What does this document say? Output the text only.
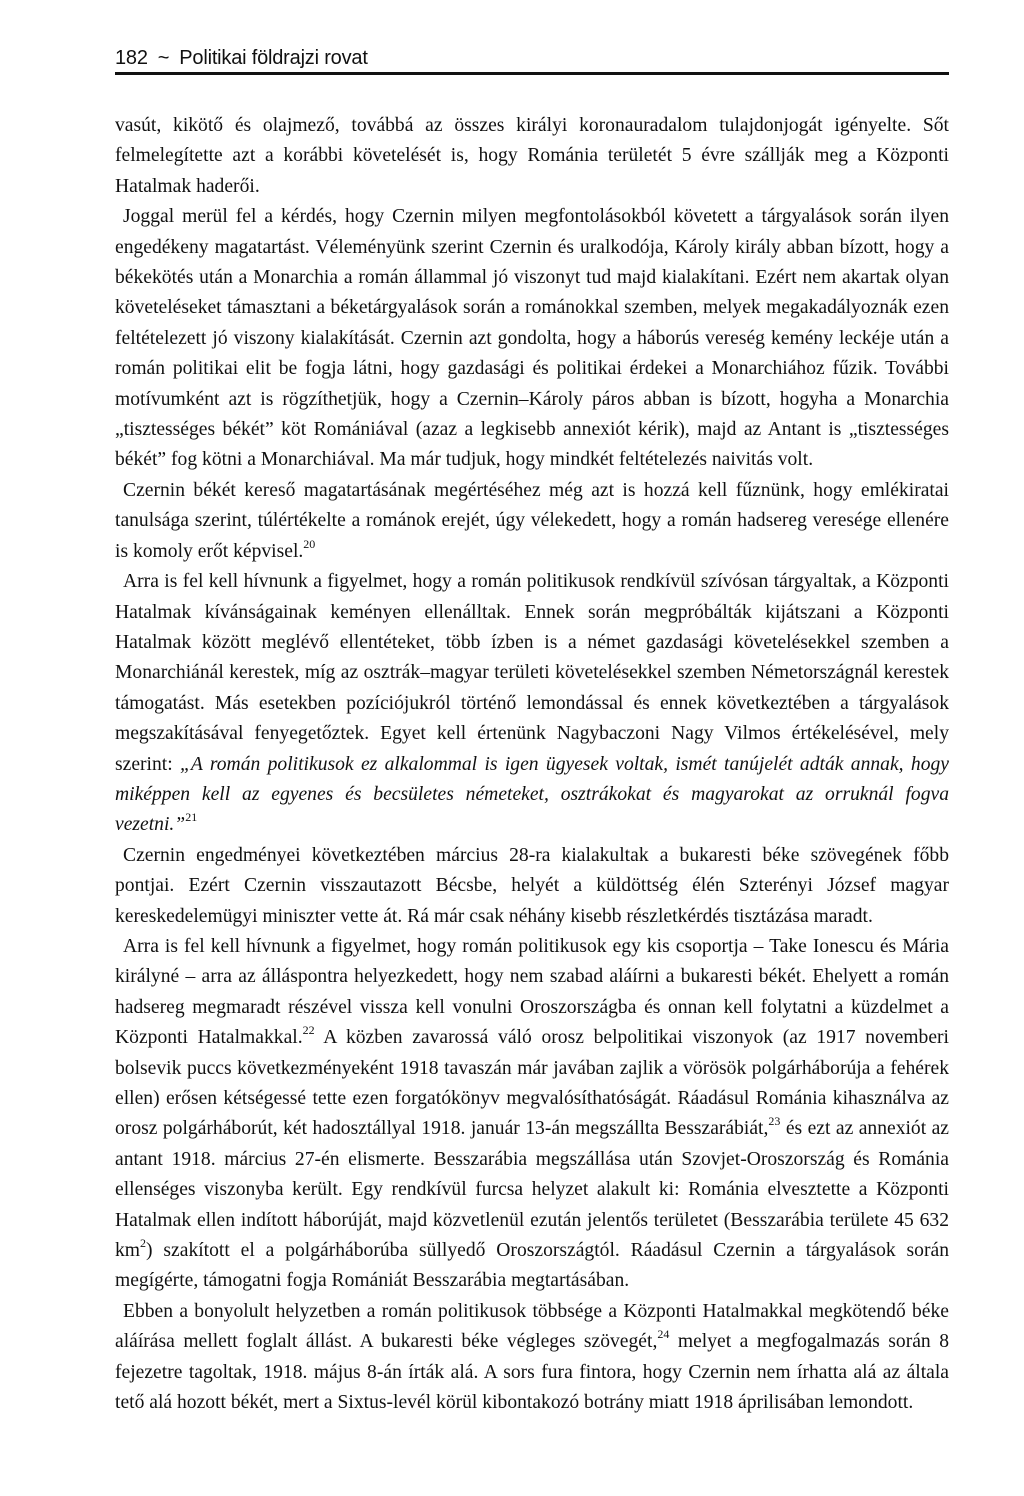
182 ~ Politikai földrajzi rovat

vasút, kikötő és olajmező, továbbá az összes királyi koronauradalom tulajdonjogát igényelte. Sőt felmelegítette azt a korábbi követelését is, hogy Románia területét 5 évre szállják meg a Központi Hatalmak haderői.

Joggal merül fel a kérdés, hogy Czernin milyen megfontolásokból követett a tárgyalások során ilyen engedékeny magatartást. Véleményünk szerint Czernin és uralkodója, Károly király abban bízott, hogy a békekötés után a Monarchia a román állammal jó viszonyt tud majd kialakítani. Ezért nem akartak olyan követeléseket támasztani a béketárgyalások során a románokkal szemben, melyek megakadályoznák ezen feltételezett jó viszony kialakítását. Czernin azt gondolta, hogy a háborús vereség kemény leckéje után a román politikai elit be fogja látni, hogy gazdasági és politikai érdekei a Monarchiához fűzik. További motívumként azt is rögzíthetjük, hogy a Czernin–Károly páros abban is bízott, hogyha a Monarchia „tisztességes békét” köt Romániával (azaz a legkisebb annexiót kérik), majd az Antant is „tisztességes békét” fog kötni a Monarchiával. Ma már tudjuk, hogy mindkét feltételezés naivitás volt.

Czernin békét kereső magatartásának megértéséhez még azt is hozzá kell fűznünk, hogy emlékiratai tanulsága szerint, túlértékelte a románok erejét, úgy vélekedett, hogy a román hadsereg veresége ellenére is komoly erőt képvisel.$^{20}$

Arra is fel kell hívnunk a figyelmet, hogy a román politikusok rendkívül szívósan tárgyaltak, a Központi Hatalmak kívánságainak keményen ellenálltak. Ennek során megpróbálták kijátszani a Központi Hatalmak között meglévő ellentéteket, több ízben is a német gazdasági követelésekkel szemben a Monarchiánál kerestek, míg az osztrák–magyar területi követelésekkel szemben Németországnál kerestek támogatást. Más esetekben pozíciójukról történő lemondással és ennek következtében a tárgyalások megszakításával fenyegetőztek. Egyet kell értenünk Nagybaczoni Nagy Vilmos értékelésével, mely szerint: „A román politikusok ez alkalommal is igen ügyesek voltak, ismét tanújelét adták annak, hogy miképpen kell az egyenes és becsületes németeket, osztrákokat és magyarokat az orruknál fogva vezetni.”$^{21}$

Czernin engedményei következtében március 28-ra kialakultak a bukaresti béke szövegének főbb pontjai. Ezért Czernin visszautazott Bécsbe, helyét a küldöttség élén Szterényi József magyar kereskedelemügyi miniszter vette át. Rá már csak néhány kisebb részletkérdés tisztázása maradt.

Arra is fel kell hívnunk a figyelmet, hogy román politikusok egy kis csoportja – Take Ionescu és Mária királyné – arra az álláspontra helyezkedett, hogy nem szabad aláírni a bukaresti békét. Ehelyett a román hadsereg megmaradt részével vissza kell vonulni Oroszországba és onnan kell folytatni a küzdelmet a Központi Hatalmakkal.$^{22}$ A közben zavarossá váló orosz belpolitikai viszonyok (az 1917 novemberi bolsevik puccs következményeként 1918 tavaszán már javában zajlik a vörösök polgárháborúja a fehérek ellen) erősen kétségessé tette ezen forgatókönyv megvalósíthatóságát. Ráadásul Románia kihasználva az orosz polgárháborút, két hadosztállyal 1918. január 13-án megszállta Besszarábiát,$^{23}$ és ezt az annexiót az antant 1918. március 27-én elismerte. Besszarábia megszállása után Szovjet-Oroszország és Románia ellenséges viszonyba került. Egy rendkívül furcsa helyzet alakult ki: Románia elvesztette a Központi Hatalmak ellen indított háborúját, majd közvetlenül ezután jelentős területet (Besszarábia területe 45 632 $km^2$) szakított el a polgárháborúba süllyedő Oroszországtól. Ráadásul Czernin a tárgyalások során megígérte, támogatni fogja Romániát Besszarábia megtartásában.

Ebben a bonyolult helyzetben a román politikusok többsége a Központi Hatalmakkal megkötendő béke aláírása mellett foglalt állást. A bukaresti béke végleges szövegét,$^{24}$ melyet a megfogalmazás során 8 fejezetre tagoltak, 1918. május 8-án írták alá. A sors fura fintora, hogy Czernin nem írhatta alá az általa tető alá hozott békét, mert a Sixtus-levél körül kibontakozó botrány miatt 1918 áprilisában lemondott.
